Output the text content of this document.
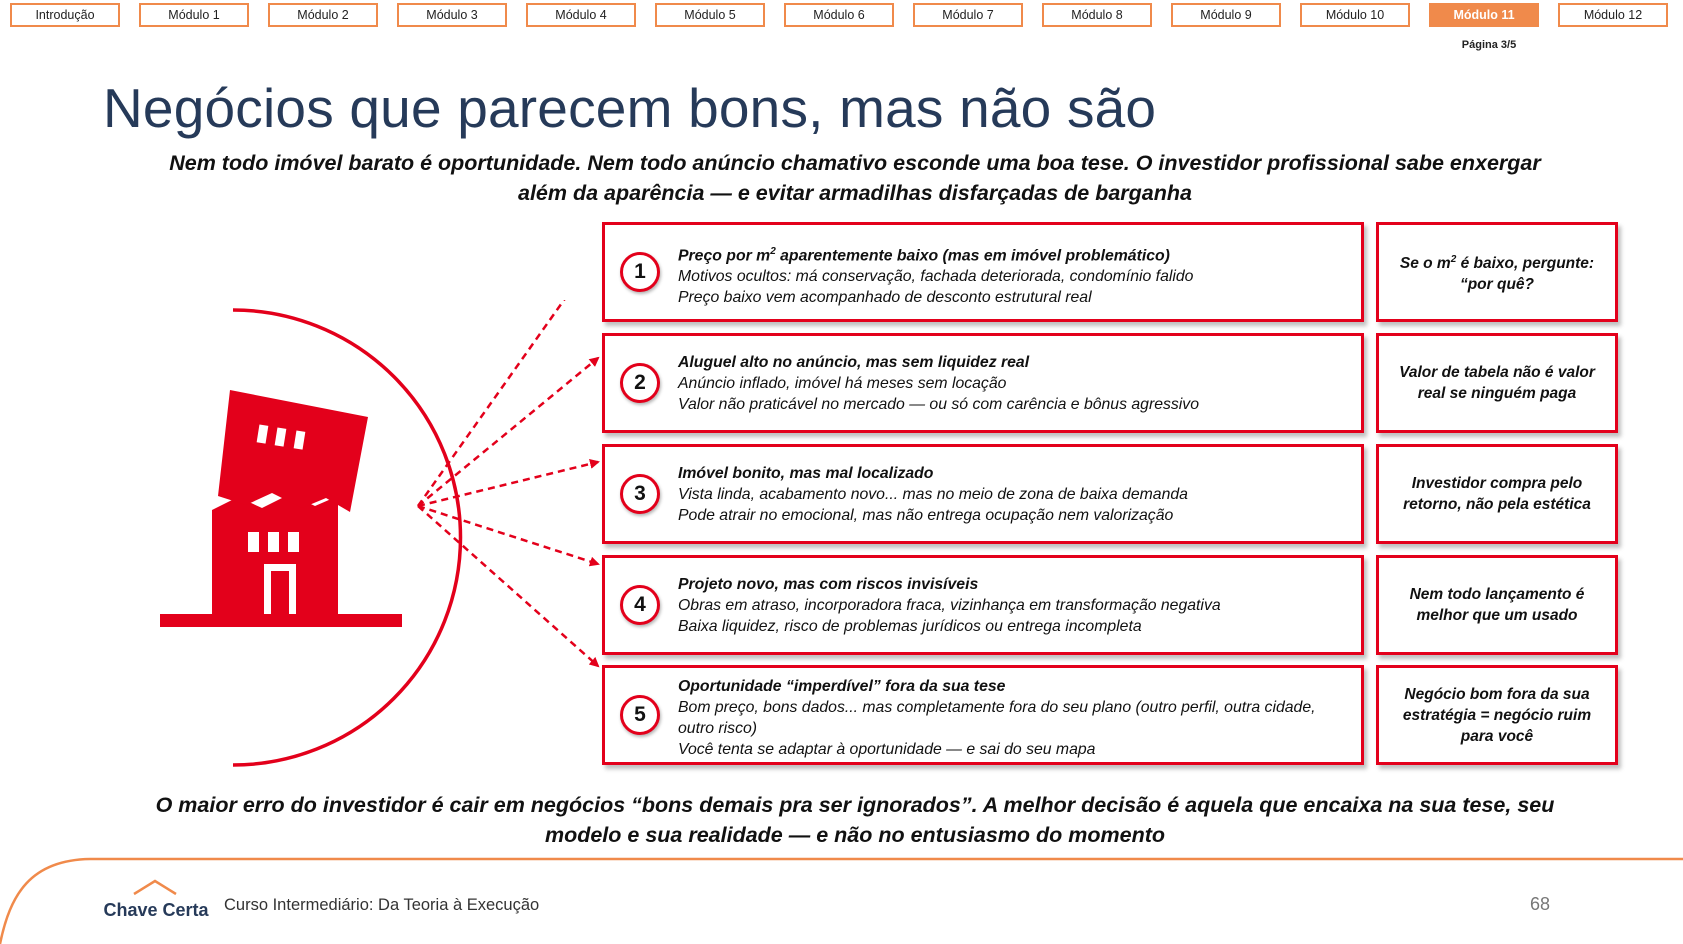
Introdução	Módulo 1	Módulo 2	Módulo 3	Módulo 4	Módulo 5	Módulo 6	Módulo 7	Módulo 8	Módulo 9	Módulo 10	Módulo 11	Módulo 12
Página 3/5
Negócios que parecem bons, mas não são
Nem todo imóvel barato é oportunidade. Nem todo anúncio chamativo esconde uma boa tese. O investidor profissional sabe enxergar além da aparência — e evitar armadilhas disfarçadas de barganha
1
Preço por $m^2$ aparentemente baixo (mas em imóvel problemático)
Motivos ocultos: má conservação, fachada deteriorada, condomínio falido
Preço baixo vem acompanhado de desconto estrutural real
Se o $m^2$ é baixo, pergunte: “por quê?
2
Aluguel alto no anúncio, mas sem liquidez real
Anúncio inflado, imóvel há meses sem locação
Valor não praticável no mercado — ou só com carência e bônus agressivo
Valor de tabela não é valor real se ninguém paga
3
Imóvel bonito, mas mal localizado
Vista linda, acabamento novo... mas no meio de zona de baixa demanda
Pode atrair no emocional, mas não entrega ocupação nem valorização
Investidor compra pelo retorno, não pela estética
4
Projeto novo, mas com riscos invisíveis
Obras em atraso, incorporadora fraca, vizinhança em transformação negativa
Baixa liquidez, risco de problemas jurídicos ou entrega incompleta
Nem todo lançamento é melhor que um usado
5
Oportunidade “imperdível” fora da sua tese
Bom preço, bons dados... mas completamente fora do seu plano (outro perfil, outra cidade, outro risco)
Você tenta se adaptar à oportunidade — e sai do seu mapa
Negócio bom fora da sua estratégia = negócio ruim para você
O maior erro do investidor é cair em negócios “bons demais pra ser ignorados”. A melhor decisão é aquela que encaixa na sua tese, seu modelo e sua realidade — e não no entusiasmo do momento
Chave Certa Curso Intermediário: Da Teoria à Execução	68
